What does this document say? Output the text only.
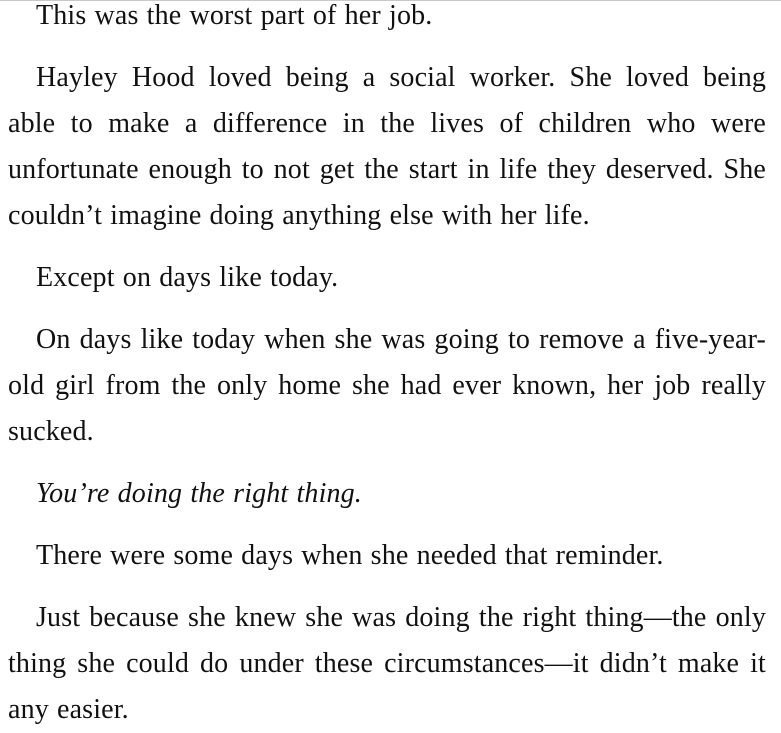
This was the worst part of her job.

Hayley Hood loved being a social worker. She loved being able to make a difference in the lives of children who were unfortunate enough to not get the start in life they deserved. She couldn’t imagine doing anything else with her life.

Except on days like today.

On days like today when she was going to remove a five-year-old girl from the only home she had ever known, her job really sucked.

You’re doing the right thing.

There were some days when she needed that reminder.

Just because she knew she was doing the right thing—the only thing she could do under these circumstances—it didn’t make it any easier.
